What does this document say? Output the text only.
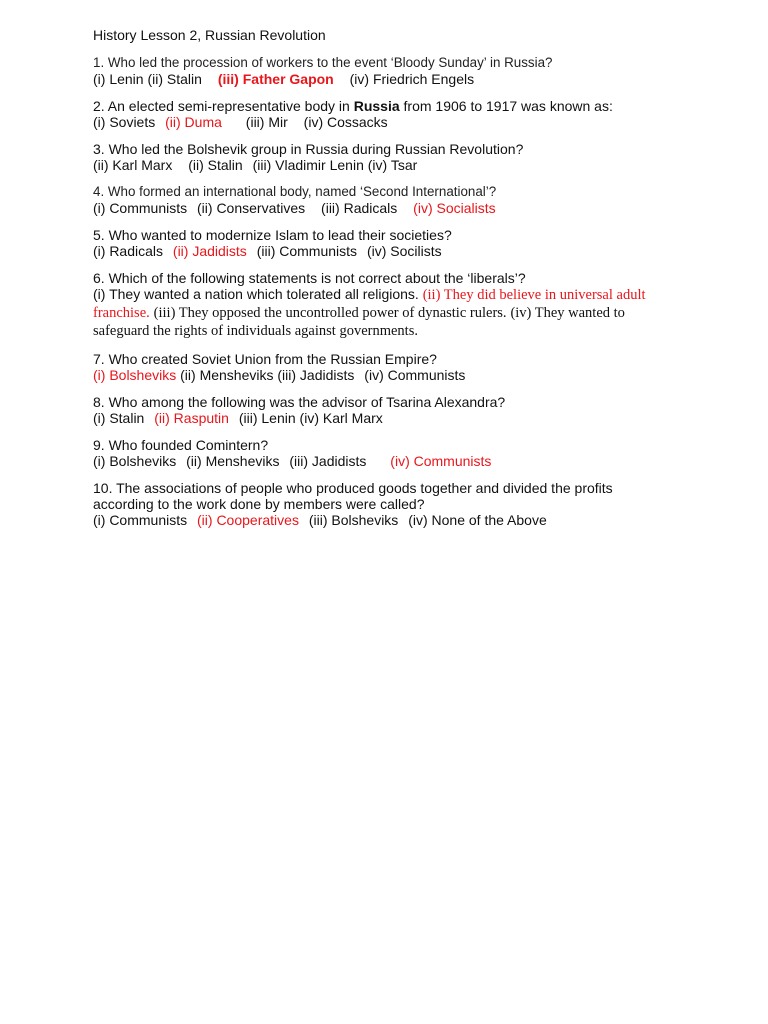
History Lesson 2, Russian Revolution
1. Who led the procession of workers to the event ‘Bloody Sunday’ in Russia?
(i) Lenin (ii) Stalin (iii) Father Gapon (iv) Friedrich Engels
2. An elected semi-representative body in Russia from 1906 to 1917 was known as:
(i) Soviets (ii) Duma (iii) Mir (iv) Cossacks
3. Who led the Bolshevik group in Russia during Russian Revolution?
(ii) Karl Marx (ii) Stalin (iii) Vladimir Lenin (iv) Tsar
4. Who formed an international body, named ‘Second International’?
(i) Communists (ii) Conservatives (iii) Radicals (iv) Socialists
5. Who wanted to modernize Islam to lead their societies?
(i) Radicals (ii) Jadidists (iii) Communists (iv) Socilists
6. Which of the following statements is not correct about the ‘liberals’?
(i) They wanted a nation which tolerated all religions. (ii) They did believe in universal adult franchise. (iii) They opposed the uncontrolled power of dynastic rulers. (iv) They wanted to safeguard the rights of individuals against governments.
7. Who created Soviet Union from the Russian Empire?
(i) Bolsheviks (ii) Mensheviks (iii) Jadidists (iv) Communists
8. Who among the following was the advisor of Tsarina Alexandra?
(i) Stalin (ii) Rasputin (iii) Lenin (iv) Karl Marx
9. Who founded Comintern?
(i) Bolsheviks (ii) Mensheviks (iii) Jadidists (iv) Communists
10. The associations of people who produced goods together and divided the profits
according to the work done by members were called?
(i) Communists (ii) Cooperatives (iii) Bolsheviks (iv) None of the Above
